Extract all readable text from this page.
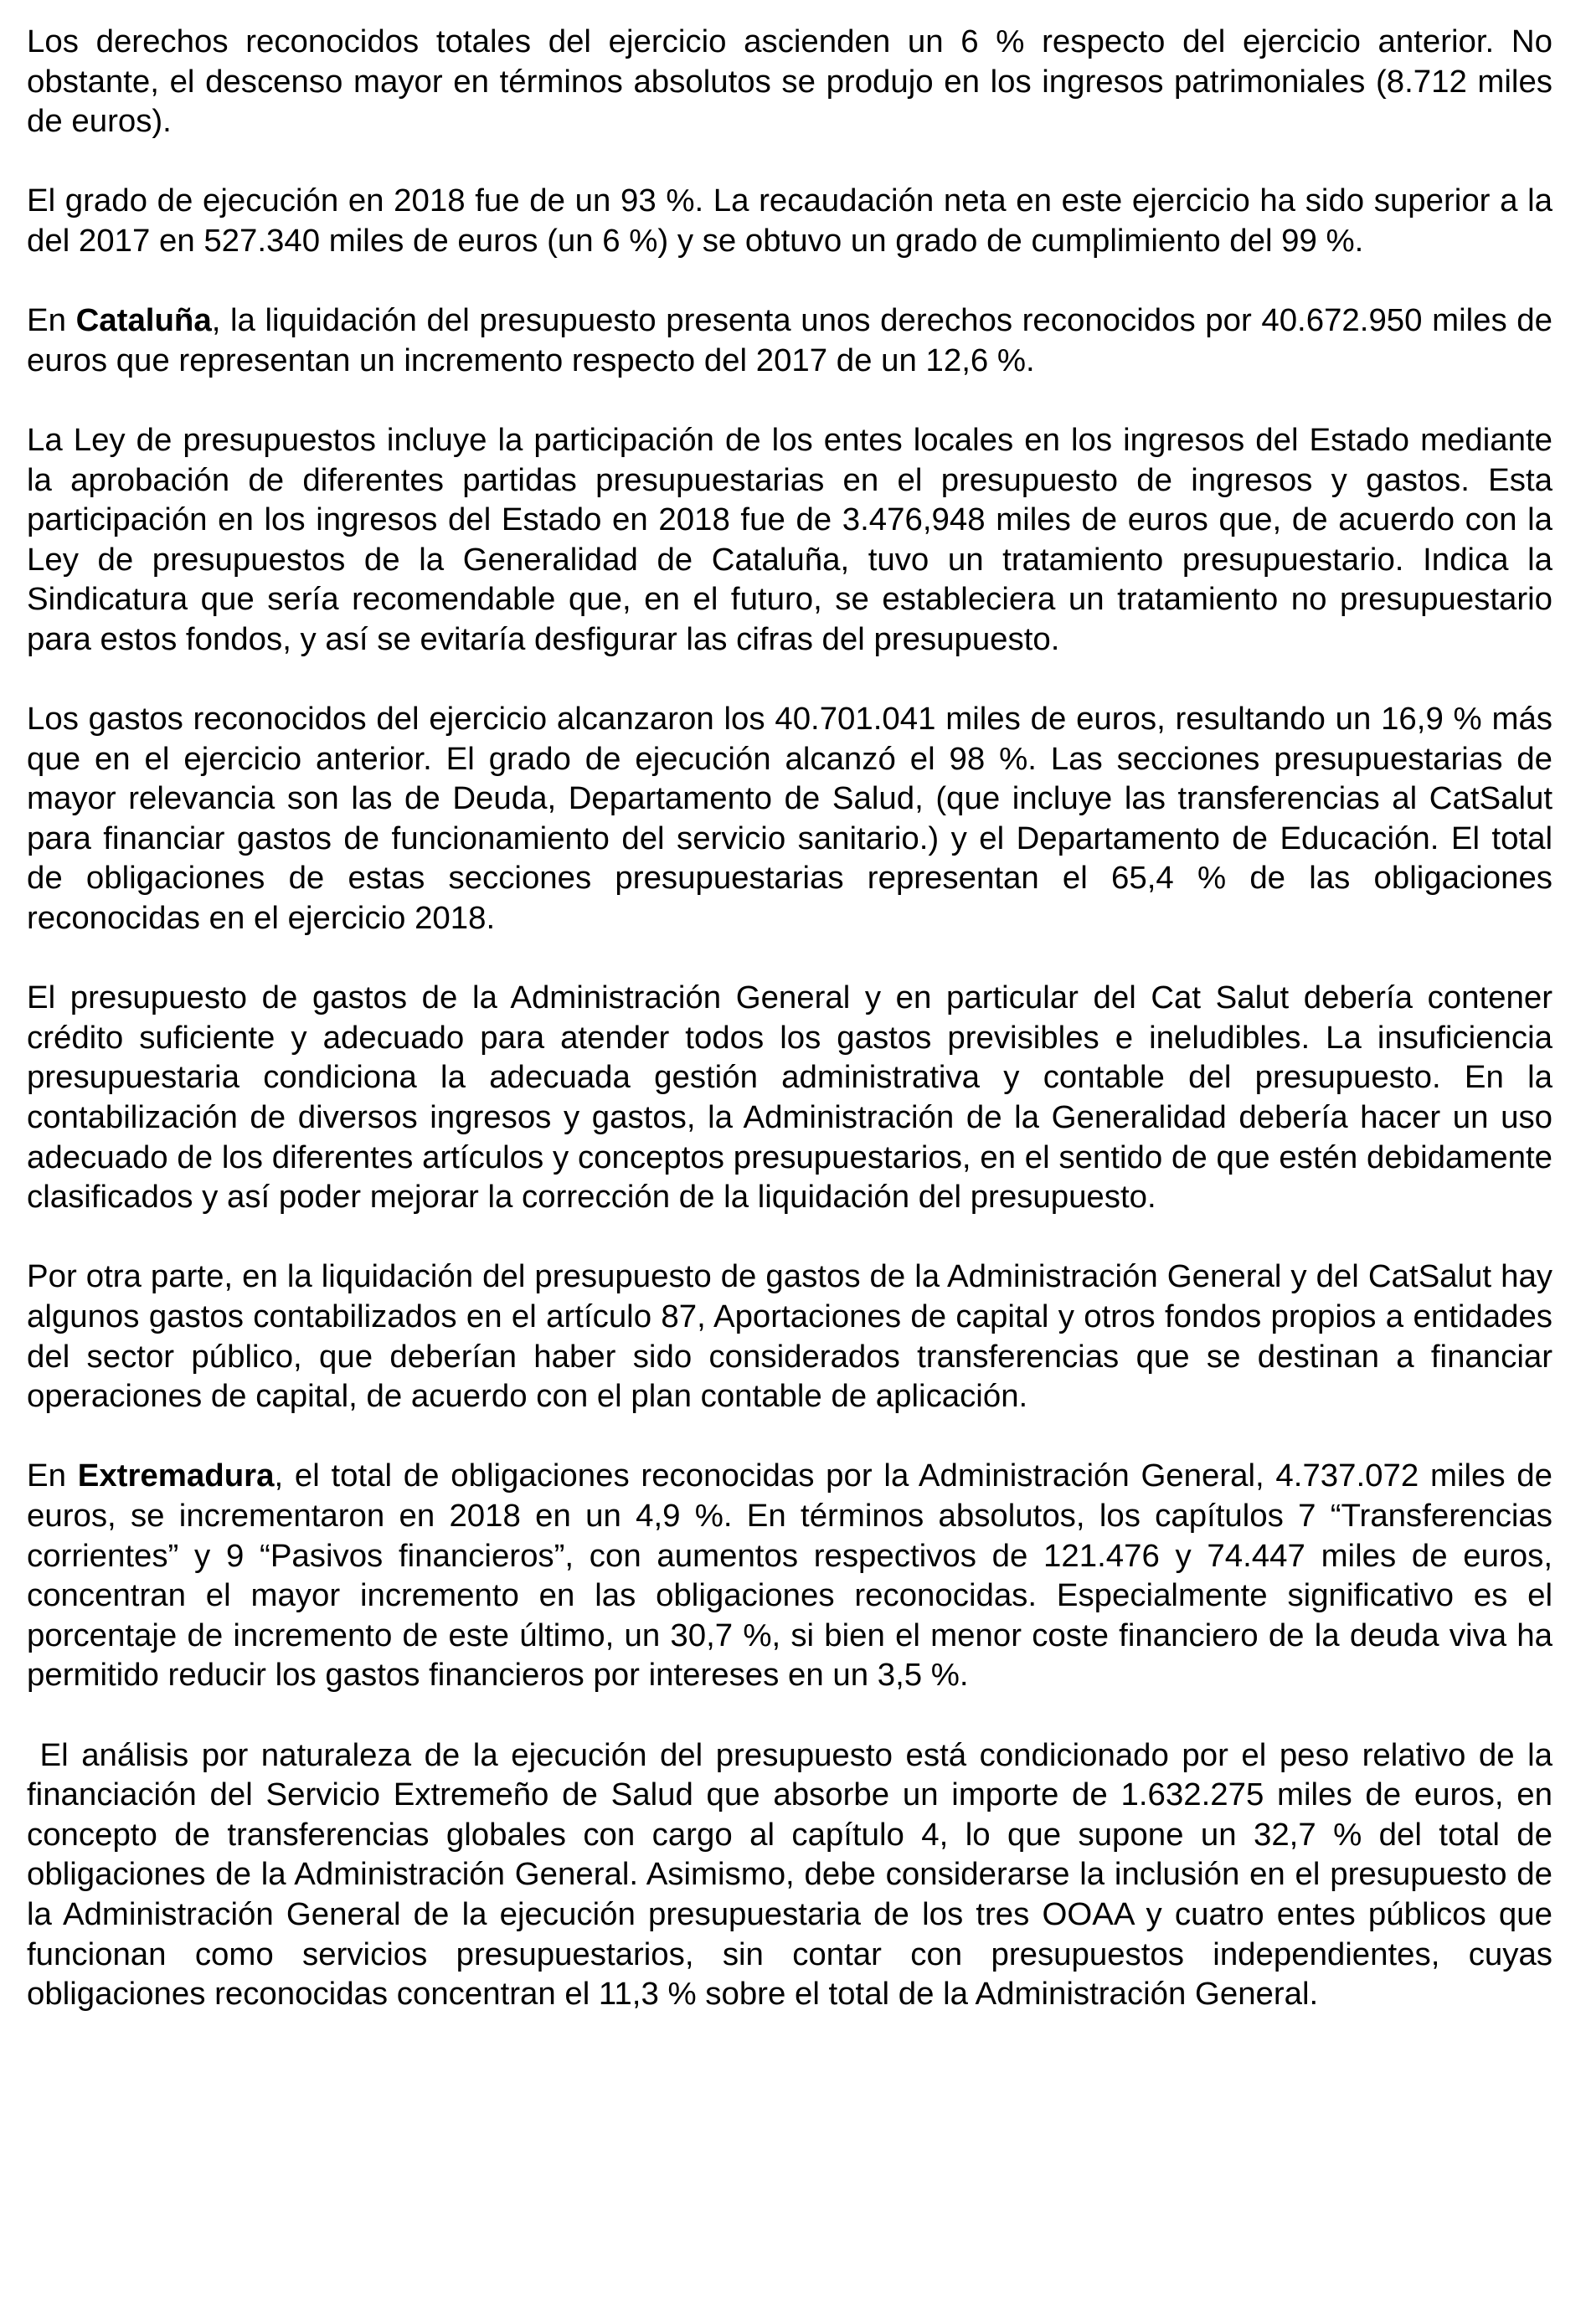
Los derechos reconocidos totales del ejercicio ascienden un 6 % respecto del ejercicio anterior. No obstante, el descenso mayor en términos absolutos se produjo en los ingresos patrimoniales (8.712 miles de euros).

El grado de ejecución en 2018 fue de un 93 %. La recaudación neta en este ejercicio ha sido superior a la del 2017 en 527.340 miles de euros (un 6 %) y se obtuvo un grado de cumplimiento del 99 %.

En Cataluña, la liquidación del presupuesto presenta unos derechos reconocidos por 40.672.950 miles de euros que representan un incremento respecto del 2017 de un 12,6 %.

La Ley de presupuestos incluye la participación de los entes locales en los ingresos del Estado mediante la aprobación de diferentes partidas presupuestarias en el presupuesto de ingresos y gastos. Esta participación en los ingresos del Estado en 2018 fue de 3.476,948 miles de euros que, de acuerdo con la Ley de presupuestos de la Generalidad de Cataluña, tuvo un tratamiento presupuestario. Indica la Sindicatura que sería recomendable que, en el futuro, se estableciera un tratamiento no presupuestario para estos fondos, y así se evitaría desfigurar las cifras del presupuesto.

Los gastos reconocidos del ejercicio alcanzaron los 40.701.041 miles de euros, resultando un 16,9 % más que en el ejercicio anterior. El grado de ejecución alcanzó el 98 %. Las secciones presupuestarias de mayor relevancia son las de Deuda, Departamento de Salud, (que incluye las transferencias al CatSalut para financiar gastos de funcionamiento del servicio sanitario.) y el Departamento de Educación. El total de obligaciones de estas secciones presupuestarias representan el 65,4 % de las obligaciones reconocidas en el ejercicio 2018.

El presupuesto de gastos de la Administración General y en particular del Cat Salut debería contener crédito suficiente y adecuado para atender todos los gastos previsibles e ineludibles. La insuficiencia presupuestaria condiciona la adecuada gestión administrativa y contable del presupuesto. En la contabilización de diversos ingresos y gastos, la Administración de la Generalidad debería hacer un uso adecuado de los diferentes artículos y conceptos presupuestarios, en el sentido de que estén debidamente clasificados y así poder mejorar la corrección de la liquidación del presupuesto.

Por otra parte, en la liquidación del presupuesto de gastos de la Administración General y del CatSalut hay algunos gastos contabilizados en el artículo 87, Aportaciones de capital y otros fondos propios a entidades del sector público, que deberían haber sido considerados transferencias que se destinan a financiar operaciones de capital, de acuerdo con el plan contable de aplicación.

En Extremadura, el total de obligaciones reconocidas por la Administración General, 4.737.072 miles de euros, se incrementaron en 2018 en un 4,9 %. En términos absolutos, los capítulos 7 “Transferencias corrientes” y 9 “Pasivos financieros”, con aumentos respectivos de 121.476 y 74.447 miles de euros, concentran el mayor incremento en las obligaciones reconocidas. Especialmente significativo es el porcentaje de incremento de este último, un 30,7 %, si bien el menor coste financiero de la deuda viva ha permitido reducir los gastos financieros por intereses en un 3,5 %.

El análisis por naturaleza de la ejecución del presupuesto está condicionado por el peso relativo de la financiación del Servicio Extremeño de Salud que absorbe un importe de 1.632.275 miles de euros, en concepto de transferencias globales con cargo al capítulo 4, lo que supone un 32,7 % del total de obligaciones de la Administración General. Asimismo, debe considerarse la inclusión en el presupuesto de la Administración General de la ejecución presupuestaria de los tres OOAA y cuatro entes públicos que funcionan como servicios presupuestarios, sin contar con presupuestos independientes, cuyas obligaciones reconocidas concentran el 11,3 % sobre el total de la Administración General.
